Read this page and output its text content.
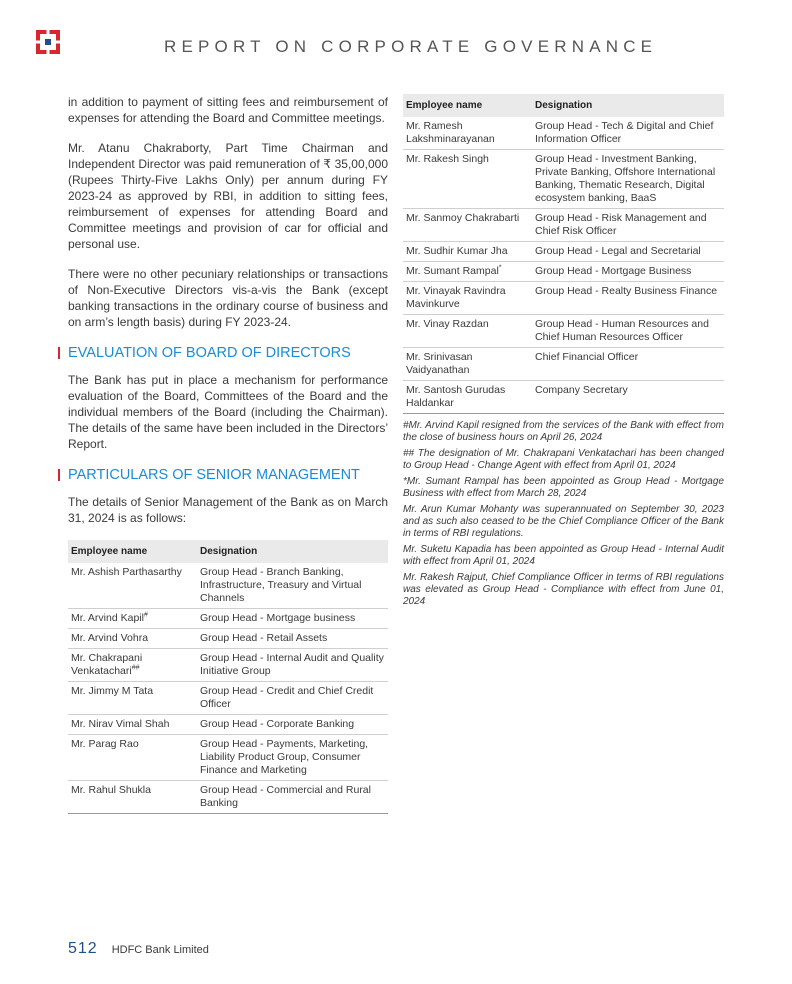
REPORT ON CORPORATE GOVERNANCE

in addition to payment of sitting fees and reimbursement of expenses for attending the Board and Committee meetings.

Mr. Atanu Chakraborty, Part Time Chairman and Independent Director was paid remuneration of ₹ 35,00,000 (Rupees Thirty-Five Lakhs Only) per annum during FY 2023-24 as approved by RBI, in addition to sitting fees, reimbursement of expenses for attending Board and Committee meetings and provision of car for official and personal use.

There were no other pecuniary relationships or transactions of Non-Executive Directors vis-a-vis the Bank (except banking transactions in the ordinary course of business and on arm’s length basis) during FY 2023-24.

EVALUATION OF BOARD OF DIRECTORS

The Bank has put in place a mechanism for performance evaluation of the Board, Committees of the Board and the individual members of the Board (including the Chairman). The details of the same have been included in the Directors’ Report.

PARTICULARS OF SENIOR MANAGEMENT

The details of Senior Management of the Bank as on March 31, 2024 is as follows:

Employee name	Designation
Mr. Ashish Parthasarthy	Group Head - Branch Banking, Infrastructure, Treasury and Virtual Channels
Mr. Arvind Kapil#	Group Head - Mortgage business
Mr. Arvind Vohra	Group Head - Retail Assets
Mr. Chakrapani Venkatachari##	Group Head - Internal Audit and Quality Initiative Group
Mr. Jimmy M Tata	Group Head - Credit and Chief Credit Officer
Mr. Nirav Vimal Shah	Group Head - Corporate Banking
Mr. Parag Rao	Group Head - Payments, Marketing, Liability Product Group, Consumer Finance and Marketing
Mr. Rahul Shukla	Group Head - Commercial and Rural Banking
Employee name	Designation
Mr. Ramesh Lakshminarayanan	Group Head - Tech & Digital and Chief Information Officer
Mr. Rakesh Singh	Group Head - Investment Banking, Private Banking, Offshore International Banking, Thematic Research, Digital ecosystem banking, BaaS
Mr. Sanmoy Chakrabarti	Group Head - Risk Management and Chief Risk Officer
Mr. Sudhir Kumar Jha	Group Head - Legal and Secretarial
Mr. Sumant Rampal*	Group Head - Mortgage Business
Mr. Vinayak Ravindra Mavinkurve	Group Head - Realty Business Finance
Mr. Vinay Razdan	Group Head - Human Resources and Chief Human Resources Officer
Mr. Srinivasan Vaidyanathan	Chief Financial Officer
Mr. Santosh Gurudas Haldankar	Company Secretary

#Mr. Arvind Kapil resigned from the services of the Bank with effect from the close of business hours on April 26, 2024

## The designation of Mr. Chakrapani Venkatachari has been changed to Group Head - Change Agent with effect from April 01, 2024

*Mr. Sumant Rampal has been appointed as Group Head - Mortgage Business with effect from March 28, 2024

Mr. Arun Kumar Mohanty was superannuated on September 30, 2023 and as such also ceased to be the Chief Compliance Officer of the Bank in terms of RBI regulations.

Mr. Suketu Kapadia has been appointed as Group Head - Internal Audit with effect from April 01, 2024

Mr. Rakesh Rajput, Chief Compliance Officer in terms of RBI regulations was elevated as Group Head - Compliance with effect from June 01, 2024

512 HDFC Bank Limited
